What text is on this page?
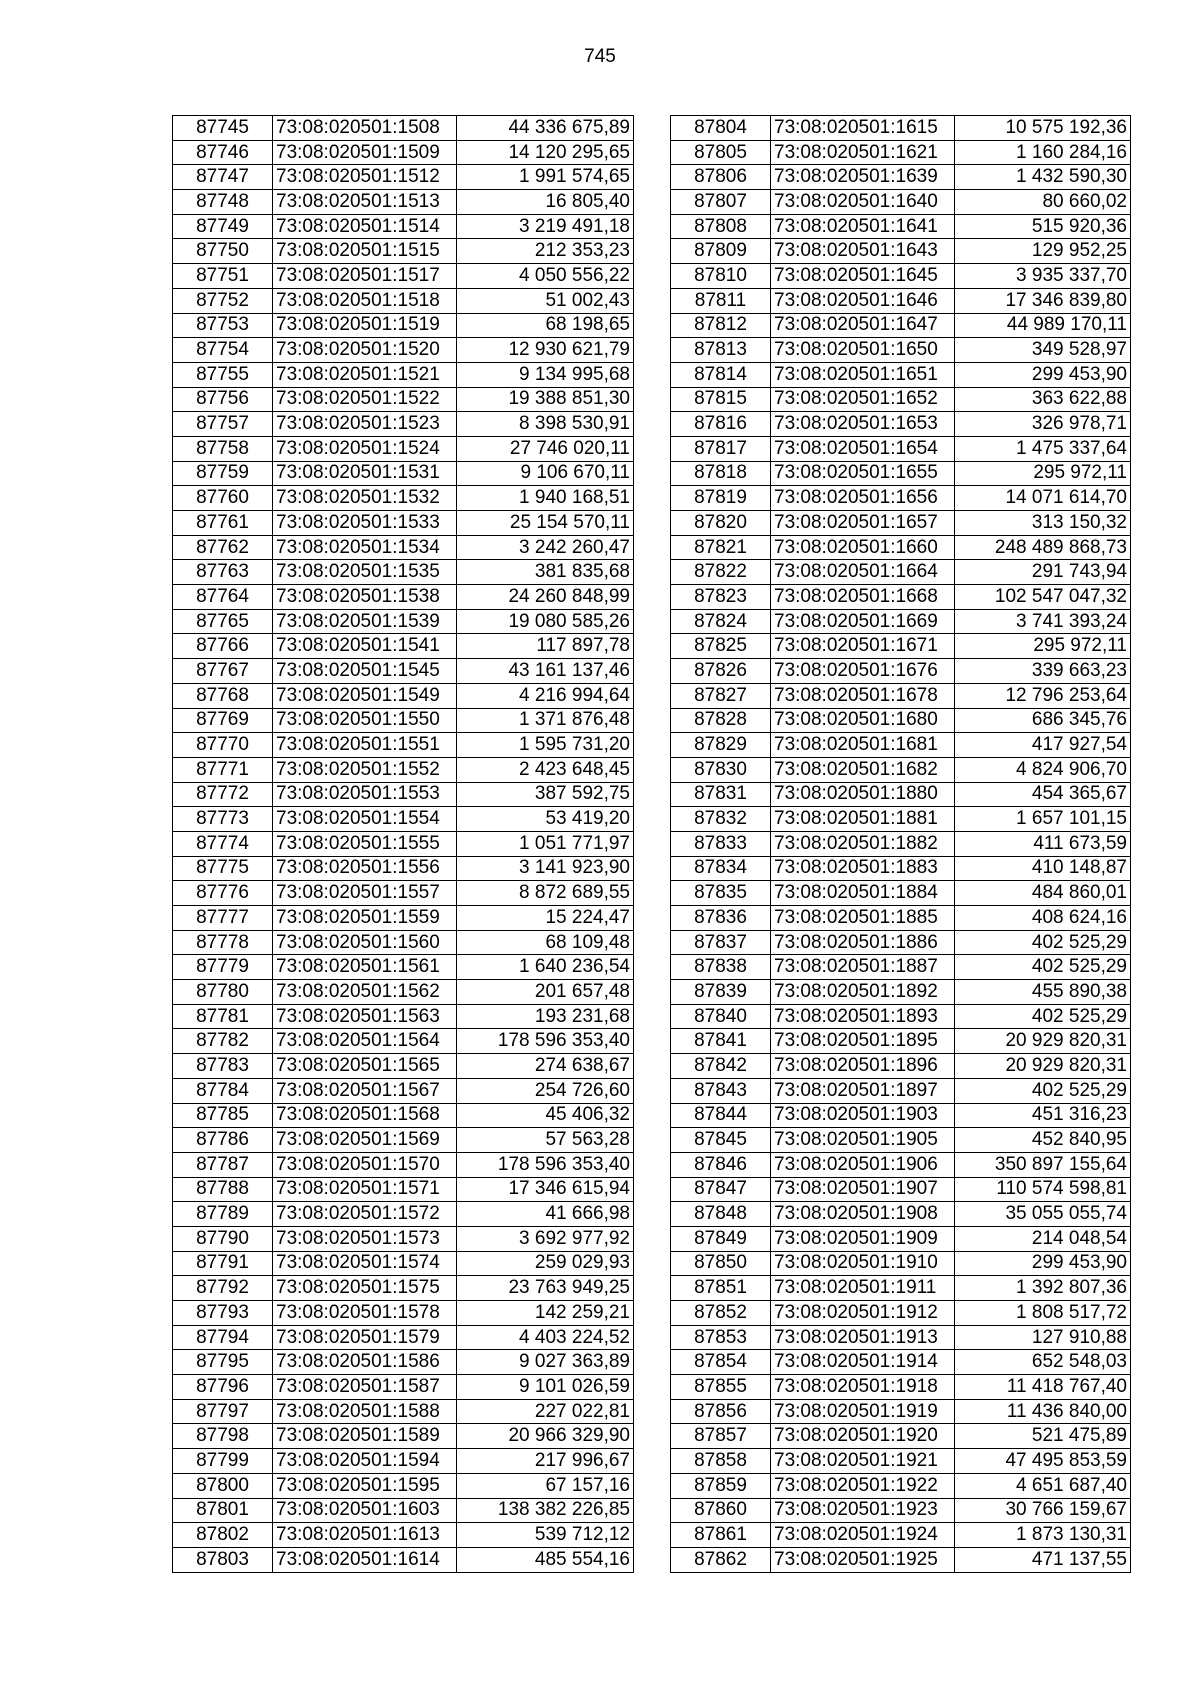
745
87745	73:08:020501:1508	44 336 675,89
87746	73:08:020501:1509	14 120 295,65
87747	73:08:020501:1512	1 991 574,65
87748	73:08:020501:1513	16 805,40
87749	73:08:020501:1514	3 219 491,18
87750	73:08:020501:1515	212 353,23
87751	73:08:020501:1517	4 050 556,22
87752	73:08:020501:1518	51 002,43
87753	73:08:020501:1519	68 198,65
87754	73:08:020501:1520	12 930 621,79
87755	73:08:020501:1521	9 134 995,68
87756	73:08:020501:1522	19 388 851,30
87757	73:08:020501:1523	8 398 530,91
87758	73:08:020501:1524	27 746 020,11
87759	73:08:020501:1531	9 106 670,11
87760	73:08:020501:1532	1 940 168,51
87761	73:08:020501:1533	25 154 570,11
87762	73:08:020501:1534	3 242 260,47
87763	73:08:020501:1535	381 835,68
87764	73:08:020501:1538	24 260 848,99
87765	73:08:020501:1539	19 080 585,26
87766	73:08:020501:1541	117 897,78
87767	73:08:020501:1545	43 161 137,46
87768	73:08:020501:1549	4 216 994,64
87769	73:08:020501:1550	1 371 876,48
87770	73:08:020501:1551	1 595 731,20
87771	73:08:020501:1552	2 423 648,45
87772	73:08:020501:1553	387 592,75
87773	73:08:020501:1554	53 419,20
87774	73:08:020501:1555	1 051 771,97
87775	73:08:020501:1556	3 141 923,90
87776	73:08:020501:1557	8 872 689,55
87777	73:08:020501:1559	15 224,47
87778	73:08:020501:1560	68 109,48
87779	73:08:020501:1561	1 640 236,54
87780	73:08:020501:1562	201 657,48
87781	73:08:020501:1563	193 231,68
87782	73:08:020501:1564	178 596 353,40
87783	73:08:020501:1565	274 638,67
87784	73:08:020501:1567	254 726,60
87785	73:08:020501:1568	45 406,32
87786	73:08:020501:1569	57 563,28
87787	73:08:020501:1570	178 596 353,40
87788	73:08:020501:1571	17 346 615,94
87789	73:08:020501:1572	41 666,98
87790	73:08:020501:1573	3 692 977,92
87791	73:08:020501:1574	259 029,93
87792	73:08:020501:1575	23 763 949,25
87793	73:08:020501:1578	142 259,21
87794	73:08:020501:1579	4 403 224,52
87795	73:08:020501:1586	9 027 363,89
87796	73:08:020501:1587	9 101 026,59
87797	73:08:020501:1588	227 022,81
87798	73:08:020501:1589	20 966 329,90
87799	73:08:020501:1594	217 996,67
87800	73:08:020501:1595	67 157,16
87801	73:08:020501:1603	138 382 226,85
87802	73:08:020501:1613	539 712,12
87803	73:08:020501:1614	485 554,16
87804	73:08:020501:1615	10 575 192,36
87805	73:08:020501:1621	1 160 284,16
87806	73:08:020501:1639	1 432 590,30
87807	73:08:020501:1640	80 660,02
87808	73:08:020501:1641	515 920,36
87809	73:08:020501:1643	129 952,25
87810	73:08:020501:1645	3 935 337,70
87811	73:08:020501:1646	17 346 839,80
87812	73:08:020501:1647	44 989 170,11
87813	73:08:020501:1650	349 528,97
87814	73:08:020501:1651	299 453,90
87815	73:08:020501:1652	363 622,88
87816	73:08:020501:1653	326 978,71
87817	73:08:020501:1654	1 475 337,64
87818	73:08:020501:1655	295 972,11
87819	73:08:020501:1656	14 071 614,70
87820	73:08:020501:1657	313 150,32
87821	73:08:020501:1660	248 489 868,73
87822	73:08:020501:1664	291 743,94
87823	73:08:020501:1668	102 547 047,32
87824	73:08:020501:1669	3 741 393,24
87825	73:08:020501:1671	295 972,11
87826	73:08:020501:1676	339 663,23
87827	73:08:020501:1678	12 796 253,64
87828	73:08:020501:1680	686 345,76
87829	73:08:020501:1681	417 927,54
87830	73:08:020501:1682	4 824 906,70
87831	73:08:020501:1880	454 365,67
87832	73:08:020501:1881	1 657 101,15
87833	73:08:020501:1882	411 673,59
87834	73:08:020501:1883	410 148,87
87835	73:08:020501:1884	484 860,01
87836	73:08:020501:1885	408 624,16
87837	73:08:020501:1886	402 525,29
87838	73:08:020501:1887	402 525,29
87839	73:08:020501:1892	455 890,38
87840	73:08:020501:1893	402 525,29
87841	73:08:020501:1895	20 929 820,31
87842	73:08:020501:1896	20 929 820,31
87843	73:08:020501:1897	402 525,29
87844	73:08:020501:1903	451 316,23
87845	73:08:020501:1905	452 840,95
87846	73:08:020501:1906	350 897 155,64
87847	73:08:020501:1907	110 574 598,81
87848	73:08:020501:1908	35 055 055,74
87849	73:08:020501:1909	214 048,54
87850	73:08:020501:1910	299 453,90
87851	73:08:020501:1911	1 392 807,36
87852	73:08:020501:1912	1 808 517,72
87853	73:08:020501:1913	127 910,88
87854	73:08:020501:1914	652 548,03
87855	73:08:020501:1918	11 418 767,40
87856	73:08:020501:1919	11 436 840,00
87857	73:08:020501:1920	521 475,89
87858	73:08:020501:1921	47 495 853,59
87859	73:08:020501:1922	4 651 687,40
87860	73:08:020501:1923	30 766 159,67
87861	73:08:020501:1924	1 873 130,31
87862	73:08:020501:1925	471 137,55
